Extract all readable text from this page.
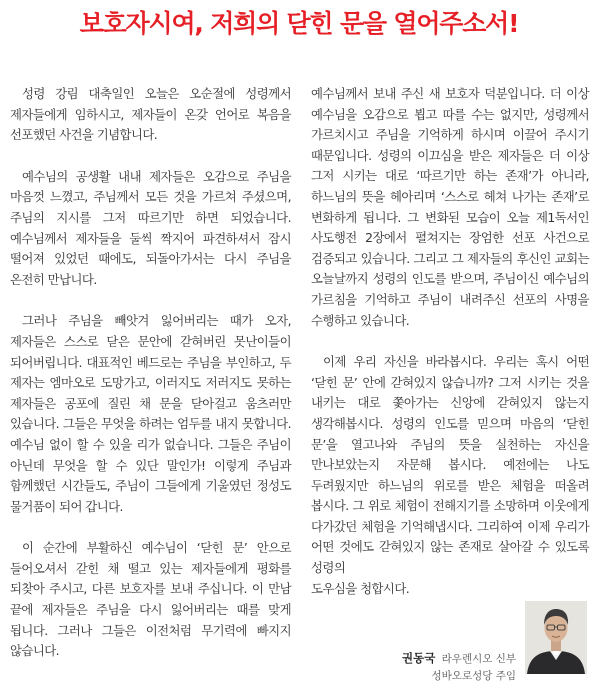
보호자시여, 저희의 닫힌 문을 열어주소서!

성령 강림 대축일인 오늘은 오순절에 성령께서 제자들에게 임하시고, 제자들이 온갖 언어로 복음을 선포했던 사건을 기념합니다.

예수님의 공생활 내내 제자들은 오감으로 주님을 마음껏 느꼈고, 주님께서 모든 것을 가르쳐 주셨으며, 주님의 지시를 그저 따르기만 하면 되었습니다. 예수님께서 제자들을 둘씩 짝지어 파견하셔서 잠시 떨어져 있었던 때에도, 되돌아가서는 다시 주님을 온전히 만납니다.

그러나 주님을 빼앗겨 잃어버리는 때가 오자, 제자들은 스스로 닫은 문안에 갇혀버린 못난이들이 되어버립니다. 대표적인 베드로는 주님을 부인하고, 두 제자는 엠마오로 도망가고, 이러지도 저러지도 못하는 제자들은 공포에 질린 채 문을 닫아걸고 움츠러만 있습니다. 그들은 무엇을 하려는 엄두를 내지 못합니다. 예수님 없이 할 수 있을 리가 없습니다. 그들은 주님이 아닌데 무엇을 할 수 있단 말인가! 이렇게 주님과 함께했던 시간들도, 주님이 그들에게 기울였던 정성도 물거품이 되어 갑니다.

이 순간에 부활하신 예수님이 ‘닫힌 문’ 안으로 들어오셔서 갇힌 채 떨고 있는 제자들에게 평화를 되찾아 주시고, 다른 보호자를 보내 주십니다. 이 만남 끝에 제자들은 주님을 다시 잃어버리는 때를 맞게 됩니다. 그러나 그들은 이전처럼 무기력에 빠지지 않습니다.

예수님께서 보내 주신 새 보호자 덕분입니다. 더 이상 예수님을 오감으로 뵙고 따를 수는 없지만, 성령께서 가르치시고 주님을 기억하게 하시며 이끌어 주시기 때문입니다. 성령의 이끄심을 받은 제자들은 더 이상 그저 시키는 대로 ‘따르기만 하는 존재’가 아니라, 하느님의 뜻을 헤아리며 ‘스스로 헤쳐 나가는 존재’로 변화하게 됩니다. 그 변화된 모습이 오늘 제1독서인 사도행전 2장에서 펼쳐지는 장엄한 선포 사건으로 검증되고 있습니다. 그리고 그 제자들의 후신인 교회는 오늘날까지 성령의 인도를 받으며, 주님이신 예수님의 가르침을 기억하고 주님이 내려주신 선포의 사명을 수행하고 있습니다.

이제 우리 자신을 바라봅시다. 우리는 혹시 어떤 ‘닫힌 문’ 안에 갇혀있지 않습니까? 그저 시키는 것을 내키는 대로 쫓아가는 신앙에 갇혀있지 않는지 생각해봅시다. 성령의 인도를 믿으며 마음의 ‘닫힌 문’을 열고나와 주님의 뜻을 실천하는 자신을 만나보았는지 자문해 봅시다. 예전에는 나도 두려웠지만 하느님의 위로를 받은 체험을 떠올려 봅시다. 그 위로 체험이 전해지기를 소망하며 이웃에게 다가갔던 체험을 기억해냅시다. 그리하여 이제 우리가 어떤 것에도 갇혀있지 않는 존재로 살아갈 수 있도록 성령의

도우심을 청합시다.

권동국 라우렌시오 신부
성바오로성당 주임
